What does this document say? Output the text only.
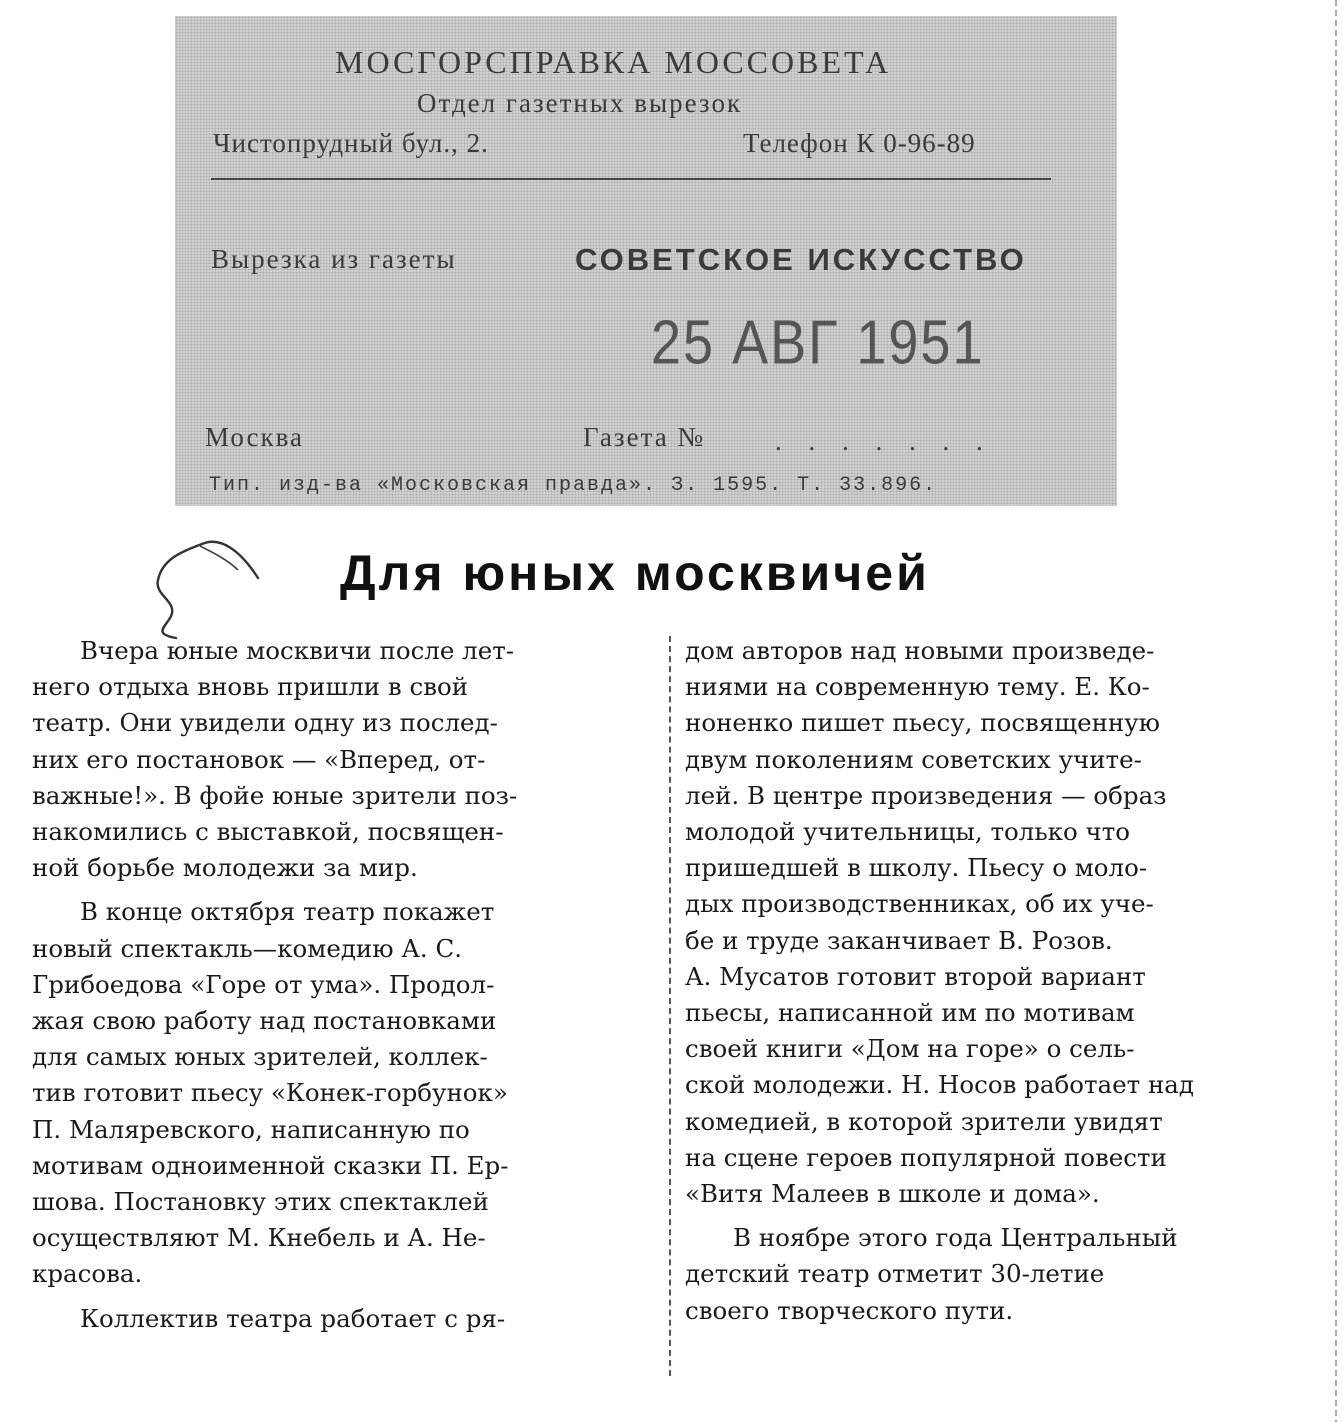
МОСГОРСПРАВКА МОССОВЕТА
Отдел газетных вырезок
Чистопрудный бул., 2.	Телефон К 0-96-89
Вырезка из газеты	СОВЕТСКОЕ ИСКУССТВО
25 АВГ 1951
Москва	Газета №	. . . . . . .
Тип. изд-ва «Московская правда». З. 1595. Т. 33.896.
Для юных москвичей
Вчера юные москвичи после лет-
него отдыха вновь пришли в свой
театр. Они увидели одну из послед-
них его постановок — «Вперед, от-
важные!». В фойе юные зрители поз-
накомились с выставкой, посвящен-
ной борьбе молодежи за мир.
В конце октября театр покажет
новый спектакль—комедию А. С.
Грибоедова «Горе от ума». Продол-
жая свою работу над постановками
для самых юных зрителей, коллек-
тив готовит пьесу «Конек-горбунок»
П. Маляревского, написанную по
мотивам одноименной сказки П. Ер-
шова. Постановку этих спектаклей
осуществляют М. Кнебель и А. Не-
красова.
Коллектив театра работает с ря-
дом авторов над новыми произведе-
ниями на современную тему. Е. Ко-
ноненко пишет пьесу, посвященную
двум поколениям советских учите-
лей. В центре произведения — образ
молодой учительницы, только что
пришедшей в школу. Пьесу о моло-
дых производственниках, об их уче-
бе и труде заканчивает В. Розов.
А. Мусатов готовит второй вариант
пьесы, написанной им по мотивам
своей книги «Дом на горе» о сель-
ской молодежи. Н. Носов работает над
комедией, в которой зрители увидят
на сцене героев популярной повести
«Витя Малеев в школе и дома».
В ноябре этого года Центральный
детский театр отметит 30-летие
своего творческого пути.
